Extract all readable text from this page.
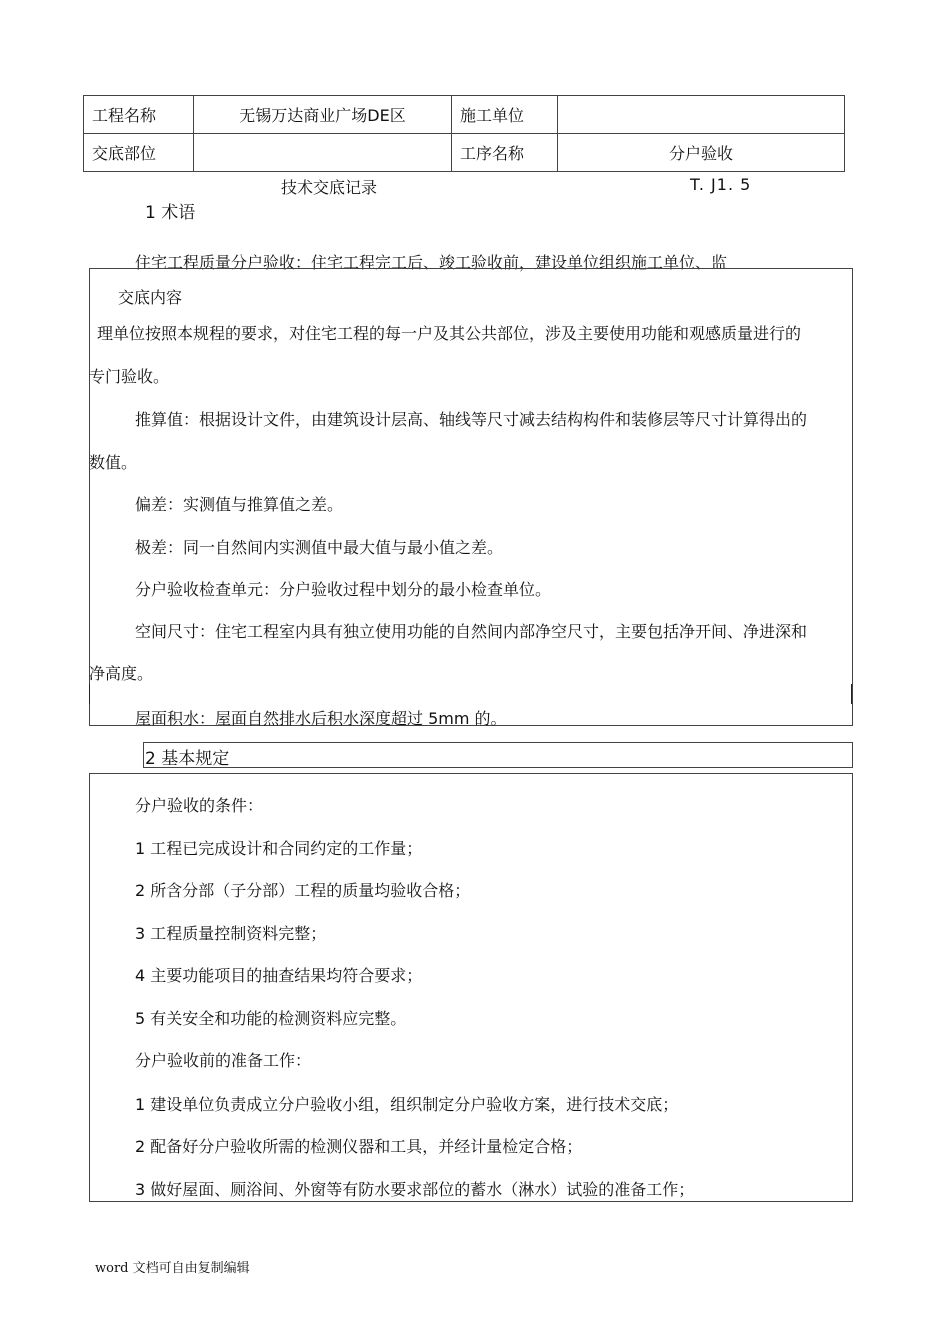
工程名称	无锡万达商业广场DE区	施工单位	
交底部位		工序名称	分户验收
技术交底记录	T. J1. 5
1 术语
住宅工程质量分户验收：住宅工程完工后、竣工验收前，建设单位组织施工单位、监
交底内容
理单位按照本规程的要求，对住宅工程的每一户及其公共部位，涉及主要使用功能和观感质量进行的
专门验收。
推算值：根据设计文件，由建筑设计层高、轴线等尺寸减去结构构件和装修层等尺寸计算得出的
数值。
偏差：实测值与推算值之差。
极差：同一自然间内实测值中最大值与最小值之差。
分户验收检查单元：分户验收过程中划分的最小检查单位。
空间尺寸：住宅工程室内具有独立使用功能的自然间内部净空尺寸，主要包括净开间、净进深和
净高度。
屋面积水：屋面自然排水后积水深度超过 5mm 的。
2 基本规定
分户验收的条件：
1 工程已完成设计和合同约定的工作量；
2 所含分部（子分部）工程的质量均验收合格；
3 工程质量控制资料完整；
4 主要功能项目的抽查结果均符合要求；
5 有关安全和功能的检测资料应完整。
分户验收前的准备工作：
1 建设单位负责成立分户验收小组，组织制定分户验收方案，进行技术交底；
2 配备好分户验收所需的检测仪器和工具，并经计量检定合格；
3 做好屋面、厕浴间、外窗等有防水要求部位的蓄水（淋水）试验的准备工作；
word 文档可自由复制编辑
